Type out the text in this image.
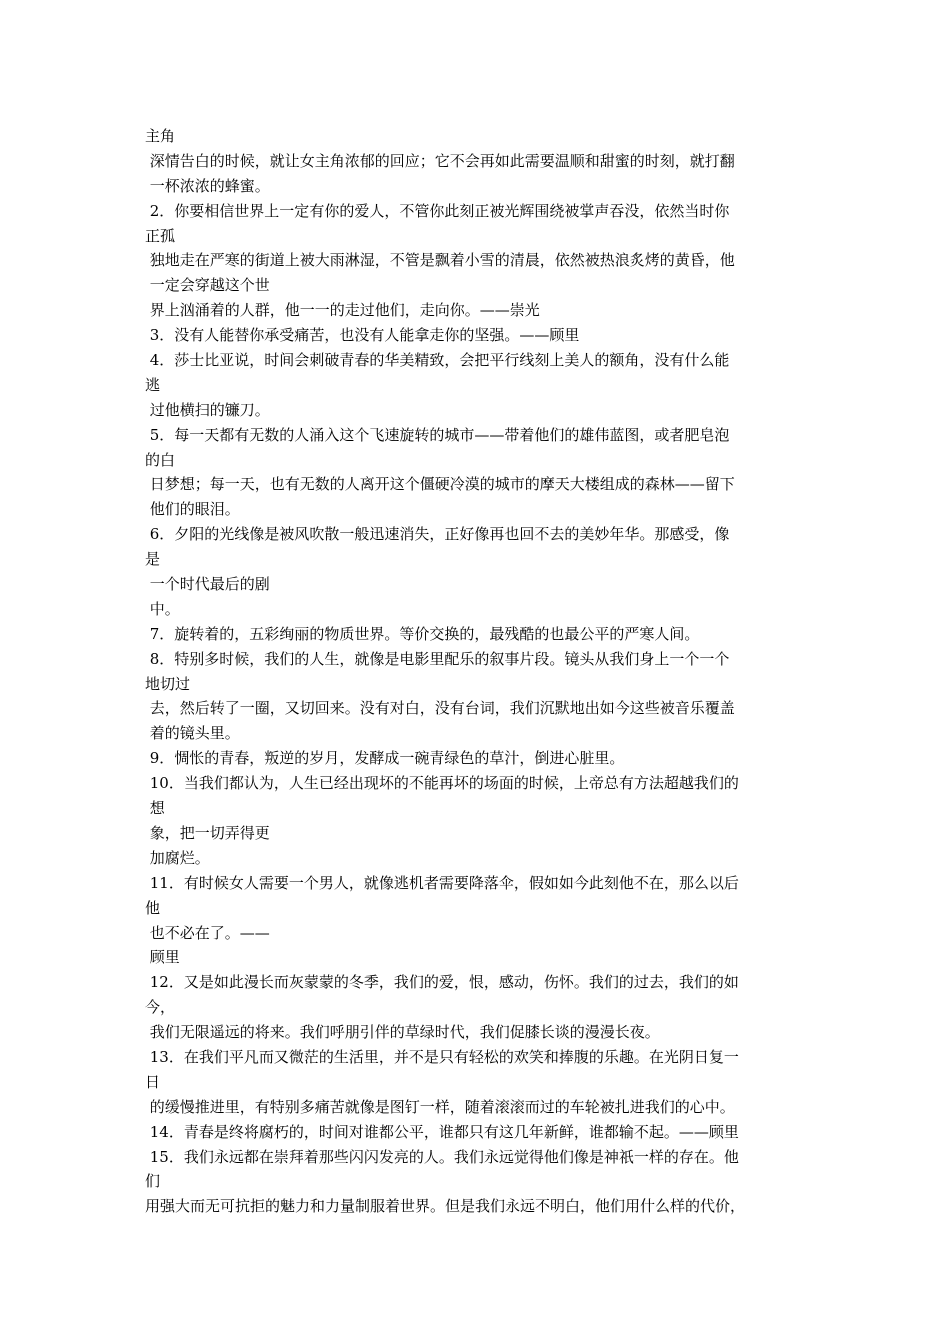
主角
深情告白的时候，就让女主角浓郁的回应；它不会再如此需要温顺和甜蜜的时刻，就打翻
一杯浓浓的蜂蜜。
2．你要相信世界上一定有你的爱人，不管你此刻正被光辉围绕被掌声吞没，依然当时你
正孤
独地走在严寒的街道上被大雨淋湿，不管是飘着小雪的清晨，依然被热浪炙烤的黄昏，他
一定会穿越这个世
界上汹涌着的人群，他一一的走过他们，走向你。——崇光
3．没有人能替你承受痛苦，也没有人能拿走你的坚强。——顾里
4．莎士比亚说，时间会刺破青春的华美精致，会把平行线刻上美人的额角，没有什么能
逃
过他横扫的镰刀。
5．每一天都有无数的人涌入这个飞速旋转的城市——带着他们的雄伟蓝图，或者肥皂泡
的白
日梦想；每一天，也有无数的人离开这个僵硬冷漠的城市的摩天大楼组成的森林——留下
他们的眼泪。
6．夕阳的光线像是被风吹散一般迅速消失，正好像再也回不去的美妙年华。那感受，像
是
一个时代最后的剧
中。
7．旋转着的，五彩绚丽的物质世界。等价交换的，最残酷的也最公平的严寒人间。
8．特别多时候，我们的人生，就像是电影里配乐的叙事片段。镜头从我们身上一个一个
地切过
去，然后转了一圈，又切回来。没有对白，没有台词，我们沉默地出如今这些被音乐覆盖
着的镜头里。
9．惆怅的青春，叛逆的岁月，发酵成一碗青绿色的草汁，倒进心脏里。
10．当我们都认为，人生已经出现坏的不能再坏的场面的时候，上帝总有方法超越我们的
想
象，把一切弄得更
加腐烂。
11．有时候女人需要一个男人，就像逃机者需要降落伞，假如如今此刻他不在，那么以后
他
也不必在了。——
顾里
12．又是如此漫长而灰蒙蒙的冬季，我们的爱，恨，感动，伤怀。我们的过去，我们的如
今，
我们无限遥远的将来。我们呼朋引伴的草绿时代，我们促膝长谈的漫漫长夜。
13．在我们平凡而又微茫的生活里，并不是只有轻松的欢笑和捧腹的乐趣。在光阴日复一
日
的缓慢推进里，有特别多痛苦就像是图钉一样，随着滚滚而过的车轮被扎进我们的心中。
14．青春是终将腐朽的，时间对谁都公平，谁都只有这几年新鲜，谁都输不起。——顾里
15．我们永远都在崇拜着那些闪闪发亮的人。我们永远觉得他们像是神祇一样的存在。他
们
用强大而无可抗拒的魅力和力量制服着世界。但是我们永远不明白，他们用什么样的代价，
